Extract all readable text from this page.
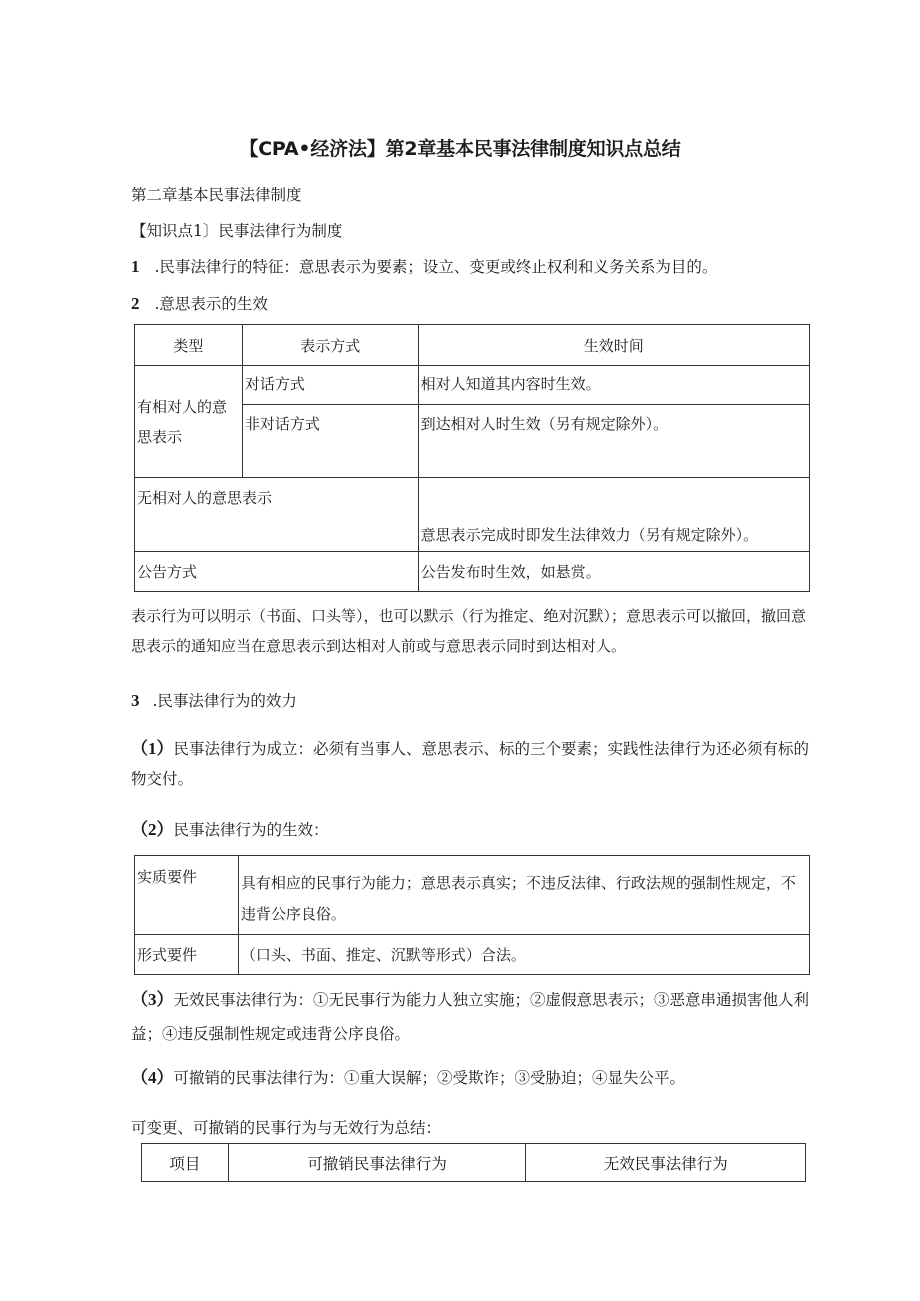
【CPA•经济法】第2章基本民事法律制度知识点总结
第二章基本民事法律制度
【知识点1〕民事法律行为制度
1 .民事法律行的特征：意思表示为要素；设立、变更或终止权利和义务关系为目的。
2 .意思表示的生效
类型	表示方式	生效时间

有相对人的意思表示	对话方式	相对人知道其内容时生效。

	非对话方式	到达相对人时生效（另有规定除外）。

无相对人的意思表示		意思表示完成时即发生法律效力（另有规定除外）。

公告方式		公告发布时生效，如悬赏。
表示行为可以明示（书面、口头等），也可以默示（行为推定、绝对沉默）；意思表示可以撤回，撤回意思表示的通知应当在意思表示到达相对人前或与意思表示同时到达相对人。
3 .民事法律行为的效力
（1）民事法律行为成立：必须有当事人、意思表示、标的三个要素；实践性法律行为还必须有标的物交付。
（2）民事法律行为的生效：
实质要件	具有相应的民事行为能力；意思表示真实；不违反法律、行政法规的强制性规定，不违背公序良俗。

形式要件	（口头、书面、推定、沉默等形式）合法。
（3）无效民事法律行为：①无民事行为能力人独立实施；②虚假意思表示；③恶意串通损害他人利益；④违反强制性规定或违背公序良俗。
（4）可撤销的民事法律行为：①重大误解；②受欺诈；③受胁迫；④显失公平。
可变更、可撤销的民事行为与无效行为总结：
项目	可撤销民事法律行为	无效民事法律行为
